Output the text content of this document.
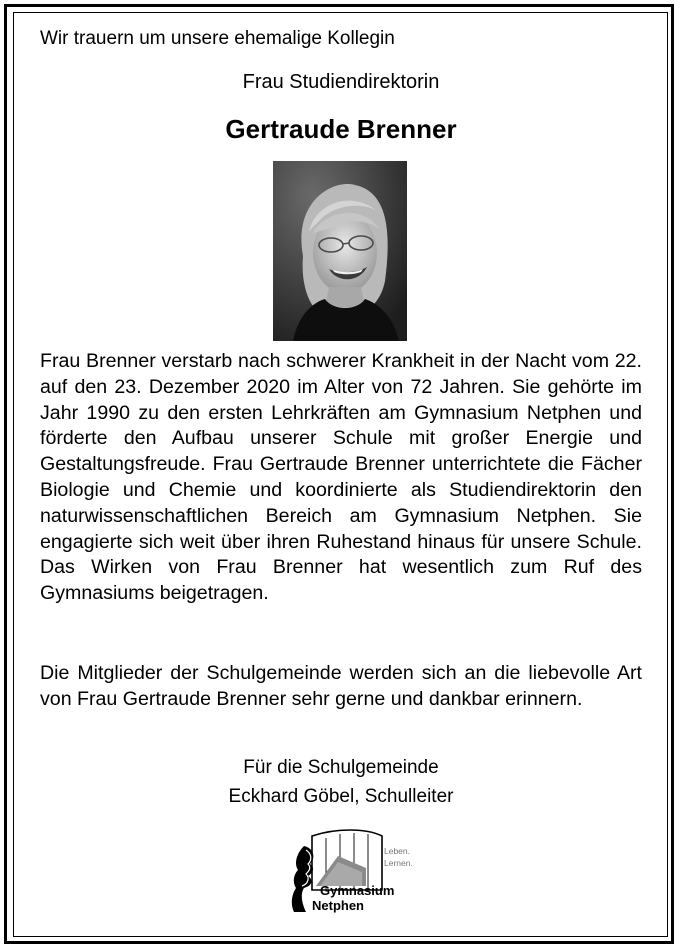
Wir trauern um unsere ehemalige Kollegin
Frau Studiendirektorin
Gertraude Brenner

Frau Brenner verstarb nach schwerer Krankheit in der Nacht vom 22. auf den 23. Dezember 2020 im Alter von 72 Jahren. Sie gehörte im Jahr 1990 zu den ersten Lehrkräften am Gymnasium Netphen und förderte den Aufbau unserer Schule mit großer Energie und Gestaltungsfreude. Frau Gertraude Brenner unterrichtete die Fächer Biologie und Chemie und koordinierte als Studiendirektorin den naturwissenschaftlichen Bereich am Gymnasium Netphen. Sie engagierte sich weit über ihren Ruhestand hinaus für unsere Schule. Das Wirken von Frau Brenner hat wesentlich zum Ruf des Gymnasiums beigetragen.

Die Mitglieder der Schulgemeinde werden sich an die liebevolle Art von Frau Gertraude Brenner sehr gerne und dankbar erinnern.

Für die Schulgemeinde
Eckhard Göbel, Schulleiter
Leben.
Lernen.
Gymnasium
Netphen
